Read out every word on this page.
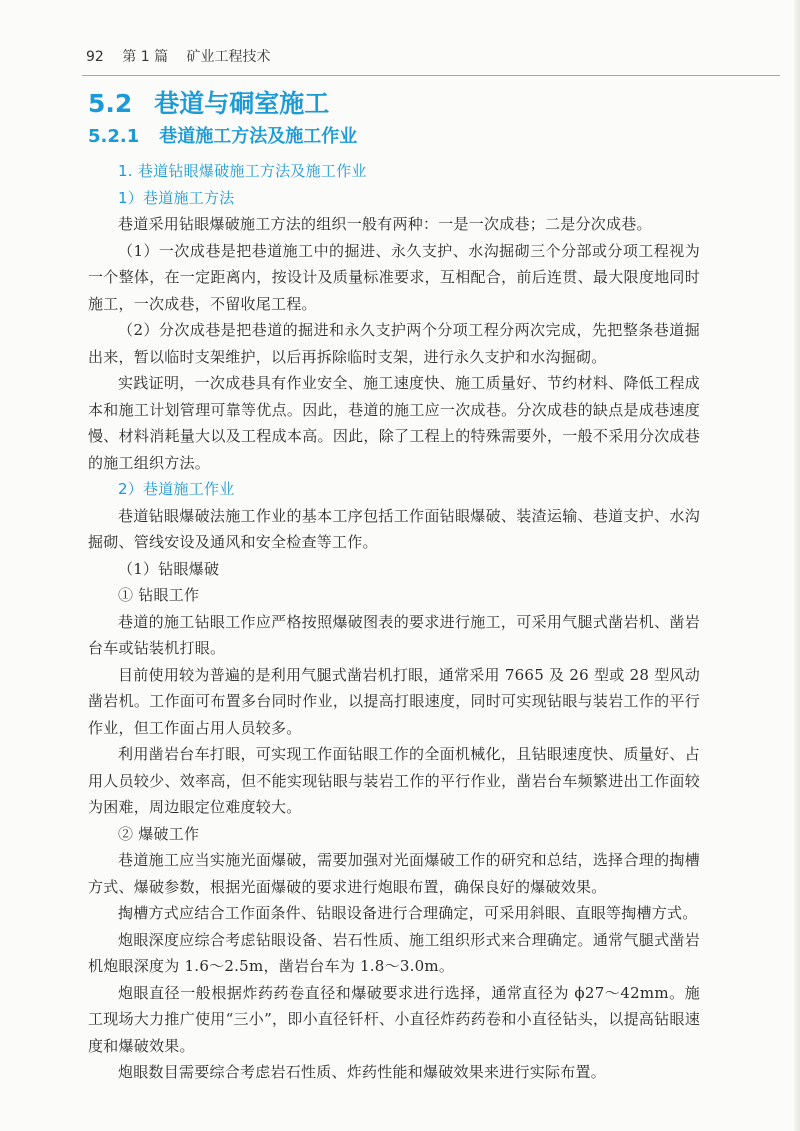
92 第 1 篇 矿业工程技术
5.2 巷道与硐室施工
5.2.1 巷道施工方法及施工作业

1. 巷道钻眼爆破施工方法及施工作业

1）巷道施工方法

巷道采用钻眼爆破施工方法的组织一般有两种：一是一次成巷；二是分次成巷。

（1）一次成巷是把巷道施工中的掘进、永久支护、水沟掘砌三个分部或分项工程视为一个整体，在一定距离内，按设计及质量标准要求，互相配合，前后连贯、最大限度地同时施工，一次成巷，不留收尾工程。

（2）分次成巷是把巷道的掘进和永久支护两个分项工程分两次完成，先把整条巷道掘出来，暂以临时支架维护，以后再拆除临时支架，进行永久支护和水沟掘砌。

实践证明，一次成巷具有作业安全、施工速度快、施工质量好、节约材料、降低工程成本和施工计划管理可靠等优点。因此，巷道的施工应一次成巷。分次成巷的缺点是成巷速度慢、材料消耗量大以及工程成本高。因此，除了工程上的特殊需要外，一般不采用分次成巷的施工组织方法。

2）巷道施工作业

巷道钻眼爆破法施工作业的基本工序包括工作面钻眼爆破、装渣运输、巷道支护、水沟掘砌、管线安设及通风和安全检查等工作。

（1）钻眼爆破

① 钻眼工作

巷道的施工钻眼工作应严格按照爆破图表的要求进行施工，可采用气腿式凿岩机、凿岩台车或钻装机打眼。

目前使用较为普遍的是利用气腿式凿岩机打眼，通常采用 7665 及 26 型或 28 型风动凿岩机。工作面可布置多台同时作业，以提高打眼速度，同时可实现钻眼与装岩工作的平行作业，但工作面占用人员较多。

利用凿岩台车打眼，可实现工作面钻眼工作的全面机械化，且钻眼速度快、质量好、占用人员较少、效率高，但不能实现钻眼与装岩工作的平行作业，凿岩台车频繁进出工作面较为困难，周边眼定位难度较大。

② 爆破工作

巷道施工应当实施光面爆破，需要加强对光面爆破工作的研究和总结，选择合理的掏槽方式、爆破参数，根据光面爆破的要求进行炮眼布置，确保良好的爆破效果。

掏槽方式应结合工作面条件、钻眼设备进行合理确定，可采用斜眼、直眼等掏槽方式。

炮眼深度应综合考虑钻眼设备、岩石性质、施工组织形式来合理确定。通常气腿式凿岩机炮眼深度为 1.6～2.5m，凿岩台车为 1.8～3.0m。

炮眼直径一般根据炸药药卷直径和爆破要求进行选择，通常直径为 ϕ27～42mm。施工现场大力推广使用“三小”，即小直径钎杆、小直径炸药药卷和小直径钻头，以提高钻眼速度和爆破效果。

炮眼数目需要综合考虑岩石性质、炸药性能和爆破效果来进行实际布置。
